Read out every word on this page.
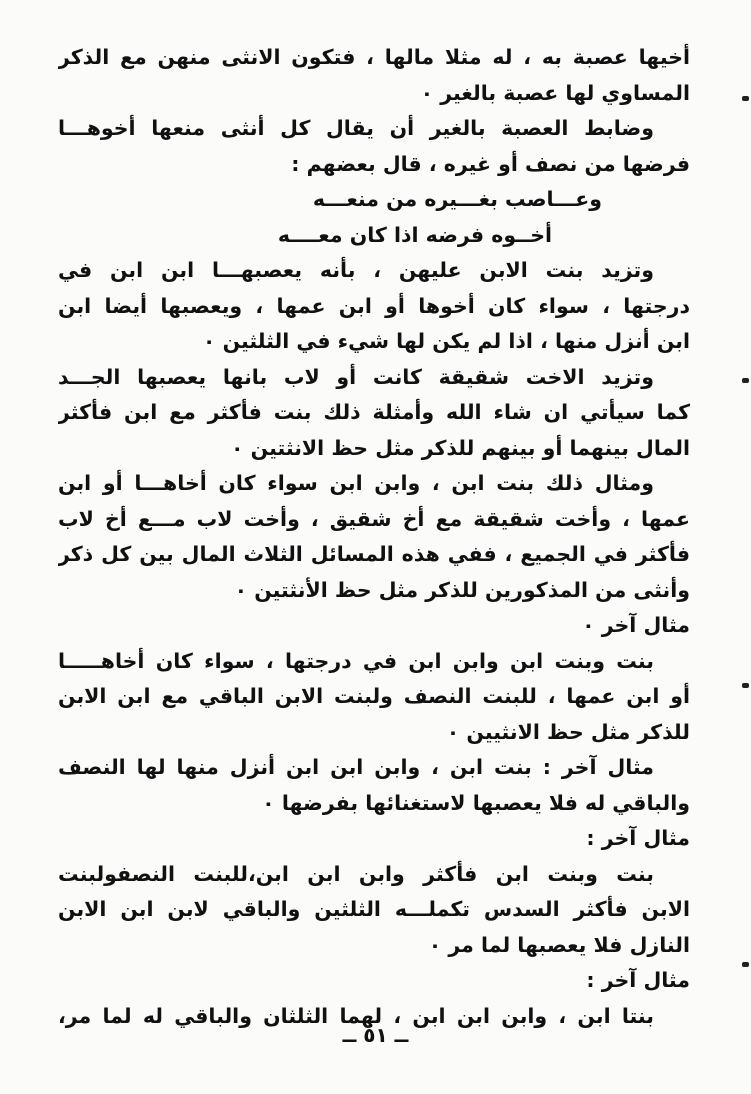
أخيها عصبة به ، له مثلا مالها ، فتكون الانثى منهن مع الذكر
المساوي لها عصبة بالغير ٠
وضابط العصبة بالغير أن يقال كل أنثى منعها أخوهـــا
فرضها من نصف أو غيره ، قال بعضهم :
وعـــاصب بغـــيره من منعـــه
أخــوه فرضه اذا كان معــــه
وتزيد بنت الابن عليهن ، بأنه يعصبهـــا ابن ابن في
درجتها ، سواء كان أخوها أو ابن عمها ، ويعصبها أيضا ابن
ابن أنزل منها ، اذا لم يكن لها شيء في الثلثين ٠
وتزيد الاخت شقيقة كانت أو لاب بانها يعصبها الجـــد
كما سيأتي ان شاء الله وأمثلة ذلك بنت فأكثر مع ابن فأكثر
المال بينهما أو بينهم للذكر مثل حظ الانثتين ٠
ومثال ذلك بنت ابن ، وابن ابن سواء كان أخاهـــا أو ابن
عمها ، وأخت شقيقة مع أخ شقيق ، وأخت لاب مـــع أخ لاب
فأكثر في الجميع ، ففي هذه المسائل الثلاث المال بين كل ذكر
وأنثى من المذكورين للذكر مثل حظ الأنثتين ٠
مثال آخر ٠
بنت وبنت ابن وابن ابن في درجتها ، سواء كان أخاهـــــا
أو ابن عمها ، للبنت النصف ولبنت الابن الباقي مع ابن الابن
للذكر مثل حظ الانثيين ٠
مثال آخر : بنت ابن ، وابن ابن ابن أنزل منها لها النصف
والباقي له فلا يعصبها لاستغنائها بفرضها ٠
مثال آخر :
بنت وبنت ابن فأكثر وابن ابن ابن،للبنت النصفولبنت
الابن فأكثر السدس تكملـــه الثلثين والباقي لابن ابن الابن
النازل فلا يعصبها لما مر ٠
مثال آخر :
بنتا ابن ، وابن ابن ابن ، لهما الثلثان والباقي له لما مر،
ــ ٥١ ــ
